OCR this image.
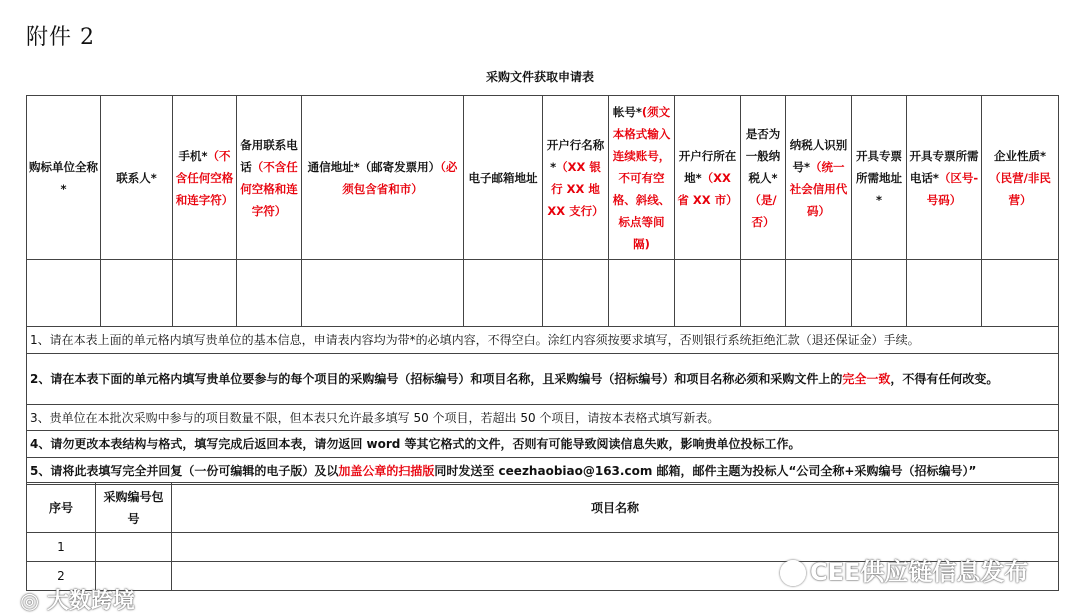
附件 2
采购文件获取申请表
购标单位全称*	联系人*	手机*（不含任何空格和连字符）	备用联系电话（不含任何空格和连字符）	通信地址*（邮寄发票用）（必须包含省和市）	电子邮箱地址	开户行名称*（XX 银行 XX 地 XX 支行）	帐号*(须文本格式输入连续账号，不可有空格、斜线、标点等间隔)	开户行所在地*（XX 省 XX 市）	是否为一般纳税人*（是/否）	纳税人识别号*（统一社会信用代码）	开具专票所需地址*	开具专票所需电话*（区号-号码）	企业性质*（民营/非民营）

1、请在本表上面的单元格内填写贵单位的基本信息，申请表内容均为带*的必填内容，不得空白。涂红内容须按要求填写，否则银行系统拒绝汇款（退还保证金）手续。													
2、请在本表下面的单元格内填写贵单位要参与的每个项目的采购编号（招标编号）和项目名称，且采购编号（招标编号）和项目名称必须和采购文件上的完全一致，不得有任何改变。													
3、贵单位在本批次采购中参与的项目数量不限，但本表只允许最多填写 50 个项目，若超出 50 个项目，请按本表格式填写新表。													
4、请勿更改本表结构与格式，填写完成后返回本表，请勿返回 word 等其它格式的文件，否则有可能导致阅读信息失败，影响贵单位投标工作。													
5、请将此表填写完全并回复（一份可编辑的电子版）及以加盖公章的扫描版同时发送至 ceezhaobiao@163.com 邮箱，邮件主题为投标人“公司全称+采购编号（招标编号）”													
序号	采购编号包号	项目名称
1		
2			CEE供应链信息发布
◎ 大数跨境
